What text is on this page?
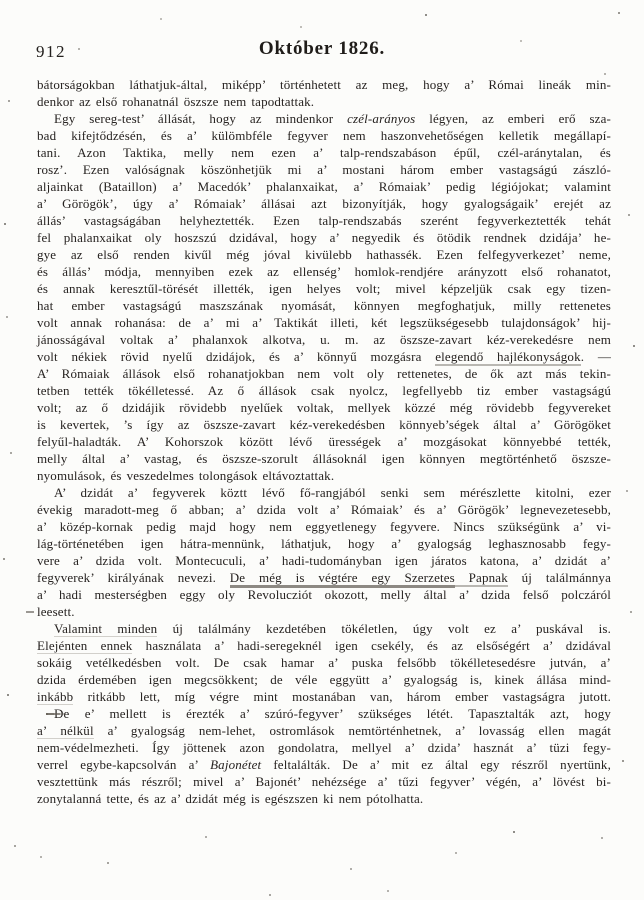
912	Október 1826.
bátorságokban láthatjuk-által, miképp’ történhetett az meg, hogy a’ Római lineák min-
denkor az első rohanatnál öszsze nem tapodtattak.
Egy sereg-test’ állását, hogy az mindenkor czél-arányos légyen, az emberi erő sza-
bad kifejtődzésén, és a’ külömbféle fegyver nem haszonvehetőségen kelletik megállapí-
tani. Azon Taktika, melly nem ezen a’ talp-rendszabáson épűl, czél-aránytalan, és
rosz’. Ezen valóságnak köszönhetjük mi a’ mostani három ember vastagságú zászló-
aljainkat (Bataillon) a’ Macedók’ phalanxaikat, a’ Rómaiak’ pedig légiójokat; valamint
a’ Görögök’, úgy a’ Rómaiak’ állásai azt bizonyítják, hogy gyalogságaik’ erejét az
állás’ vastagságában helyheztették. Ezen talp-rendszabás szerént fegyverkeztették tehát
fel phalanxaikat oly hoszszú dzidával, hogy a’ negyedik és ötödik rendnek dzidája’ he-
gye az első renden kivűl még jóval kivülebb hathassék. Ezen felfegyverkezet’ neme,
és állás’ módja, mennyiben ezek az ellenség’ homlok-rendjére arányzott első rohanatot,
és annak keresztűl-törését illették, igen helyes volt; mivel képzeljük csak egy tizen-
hat ember vastagságú maszszának nyomását, könnyen megfoghatjuk, milly rettenetes
volt annak rohanása: de a’ mi a’ Taktikát illeti, két legszükségesebb tulajdonságok’ hij-
jánosságával voltak a’ phalanxok alkotva, u. m. az öszsze-zavart kéz-verekedésre nem
volt nékiek rövid nyelű dzidájok, és a’ könnyű mozgásra elegendő hajlékonyságok. —
A’ Rómaiak állások első rohanatjokban nem volt oly rettenetes, de ők azt más tekin-
tetben tették tökélletessé. Az ő állások csak nyolcz, legfellyebb tiz ember vastagságú
volt; az ő dzidájik rövidebb nyelűek voltak, mellyek közzé még rövidebb fegyvereket
is kevertek, ’s így az öszsze-zavart kéz-verekedésben könnyeb’ségek által a’ Görögöket
felyűl-haladták. A’ Kohorszok között lévő ürességek a’ mozgásokat könnyebbé tették,
melly által a’ vastag, és öszsze-szorult állásoknál igen könnyen megtörténhető öszsze-
nyomulások, és veszedelmes tolongások eltávoztattak.
A’ dzidát a’ fegyverek köztt lévő fő-rangjából senki sem mérészlette kitolni, ezer
évekig maradott-meg ő abban; a’ dzida volt a’ Rómaiak’ és a’ Görögök’ legnevezetesebb,
a’ közép-kornak pedig majd hogy nem eggyetlenegy fegyvere. Nincs szükségünk a’ vi-
lág-történetében igen hátra-mennünk, láthatjuk, hogy a’ gyalogság leghasznosabb fegy-
vere a’ dzida volt. Montecuculi, a’ hadi-tudományban igen járatos katona, a’ dzidát a’
fegyverek’ királyának nevezi. De még is végtére egy Szerzetes Papnak új találmánnya
a’ hadi mesterségben eggy oly Revolucziót okozott, melly által a’ dzida felső polczáról
leesett.
Valamint minden új találmány kezdetében tökéletlen, úgy volt ez a’ puskával is.
Elejénten ennek használata a’ hadi-seregeknél igen csekély, és az elsőségért a’ dzidával
sokáig vetélkedésben volt. De csak hamar a’ puska felsőbb tökélletesedésre jutván, a’
dzida érdemében igen megcsökkent; de véle eggyütt a’ gyalogság is, kinek állása mind-
inkább ritkább lett, míg végre mint mostanában van, három ember vastagságra jutott.
De e’ mellett is érezték a’ szúró-fegyver’ szükséges létét. Tapasztalták azt, hogy
a’ nélkül a’ gyalogság nem-lehet, ostromlások nemtörténhetnek, a’ lovasság ellen magát
nem-védelmezheti. Így jöttenek azon gondolatra, mellyel a’ dzida’ hasznát a’ tüzi fegy-
verrel egybe-kapcsolván a’ Bajonétet feltalálták. De a’ mit ez által egy részről nyertünk,
vesztettünk más részről; mivel a’ Bajonét’ nehézsége a’ tűzi fegyver’ végén, a’ lövést bi-
zonytalanná tette, és az a’ dzidát még is egészszen ki nem pótolhatta.
